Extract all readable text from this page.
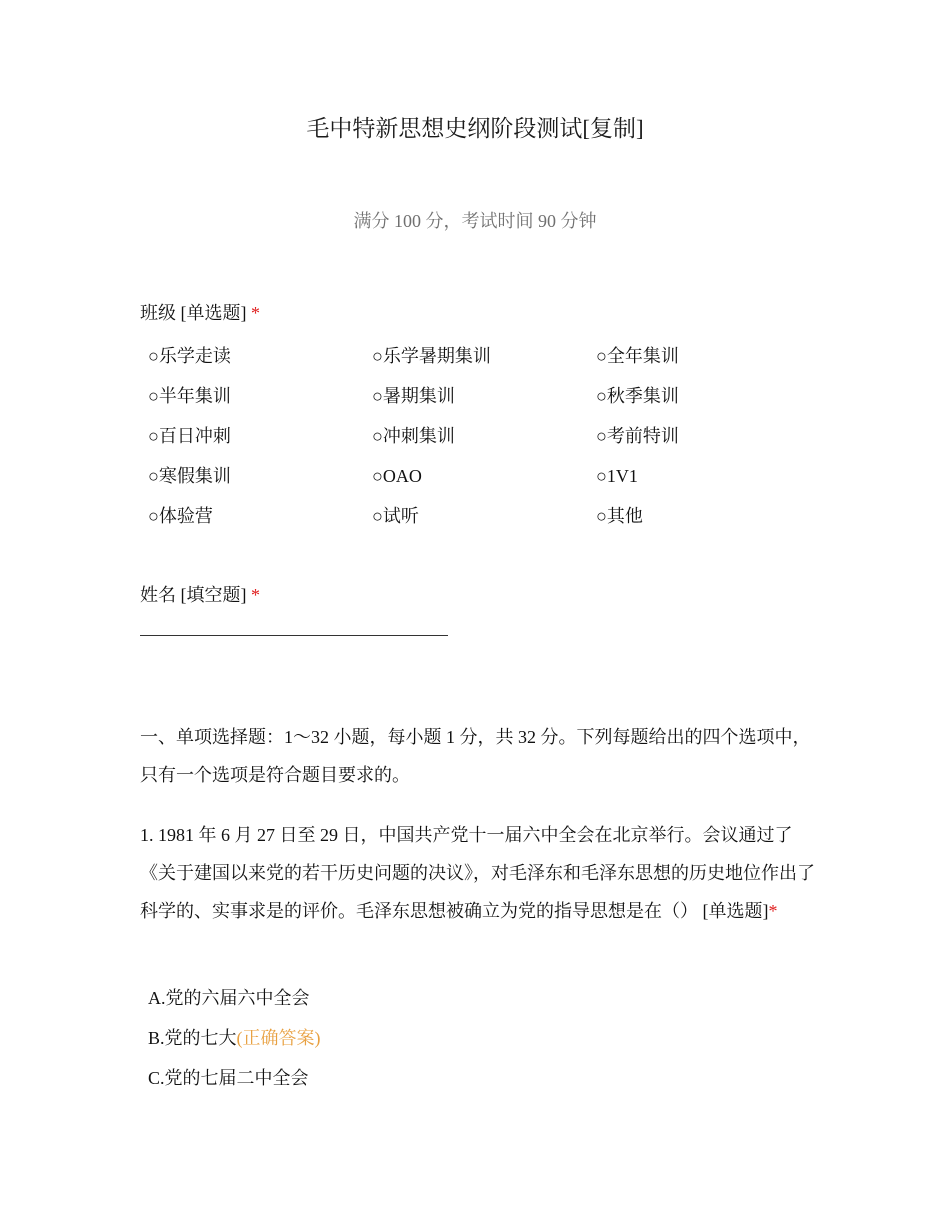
毛中特新思想史纲阶段测试[复制]
满分 100 分，考试时间 90 分钟
班级 [单选题] *
○乐学走读	○乐学暑期集训	○全年集训
○半年集训	○暑期集训	○秋季集训
○百日冲刺	○冲刺集训	○考前特训
○寒假集训	○OAO	○1V1
○体验营	○试听	○其他
姓名 [填空题] *

一、单项选择题：1～32 小题，每小题 1 分，共 32 分。下列每题给出的四个选项中，只有一个选项是符合题目要求的。

1. 1981 年 6 月 27 日至 29 日，中国共产党十一届六中全会在北京举行。会议通过了《关于建国以来党的若干历史问题的决议》，对毛泽东和毛泽东思想的历史地位作出了科学的、实事求是的评价。毛泽东思想被确立为党的指导思想是在（） [单选题]*

A.党的六届六中全会
B.党的七大(正确答案)
C.党的七届二中全会
